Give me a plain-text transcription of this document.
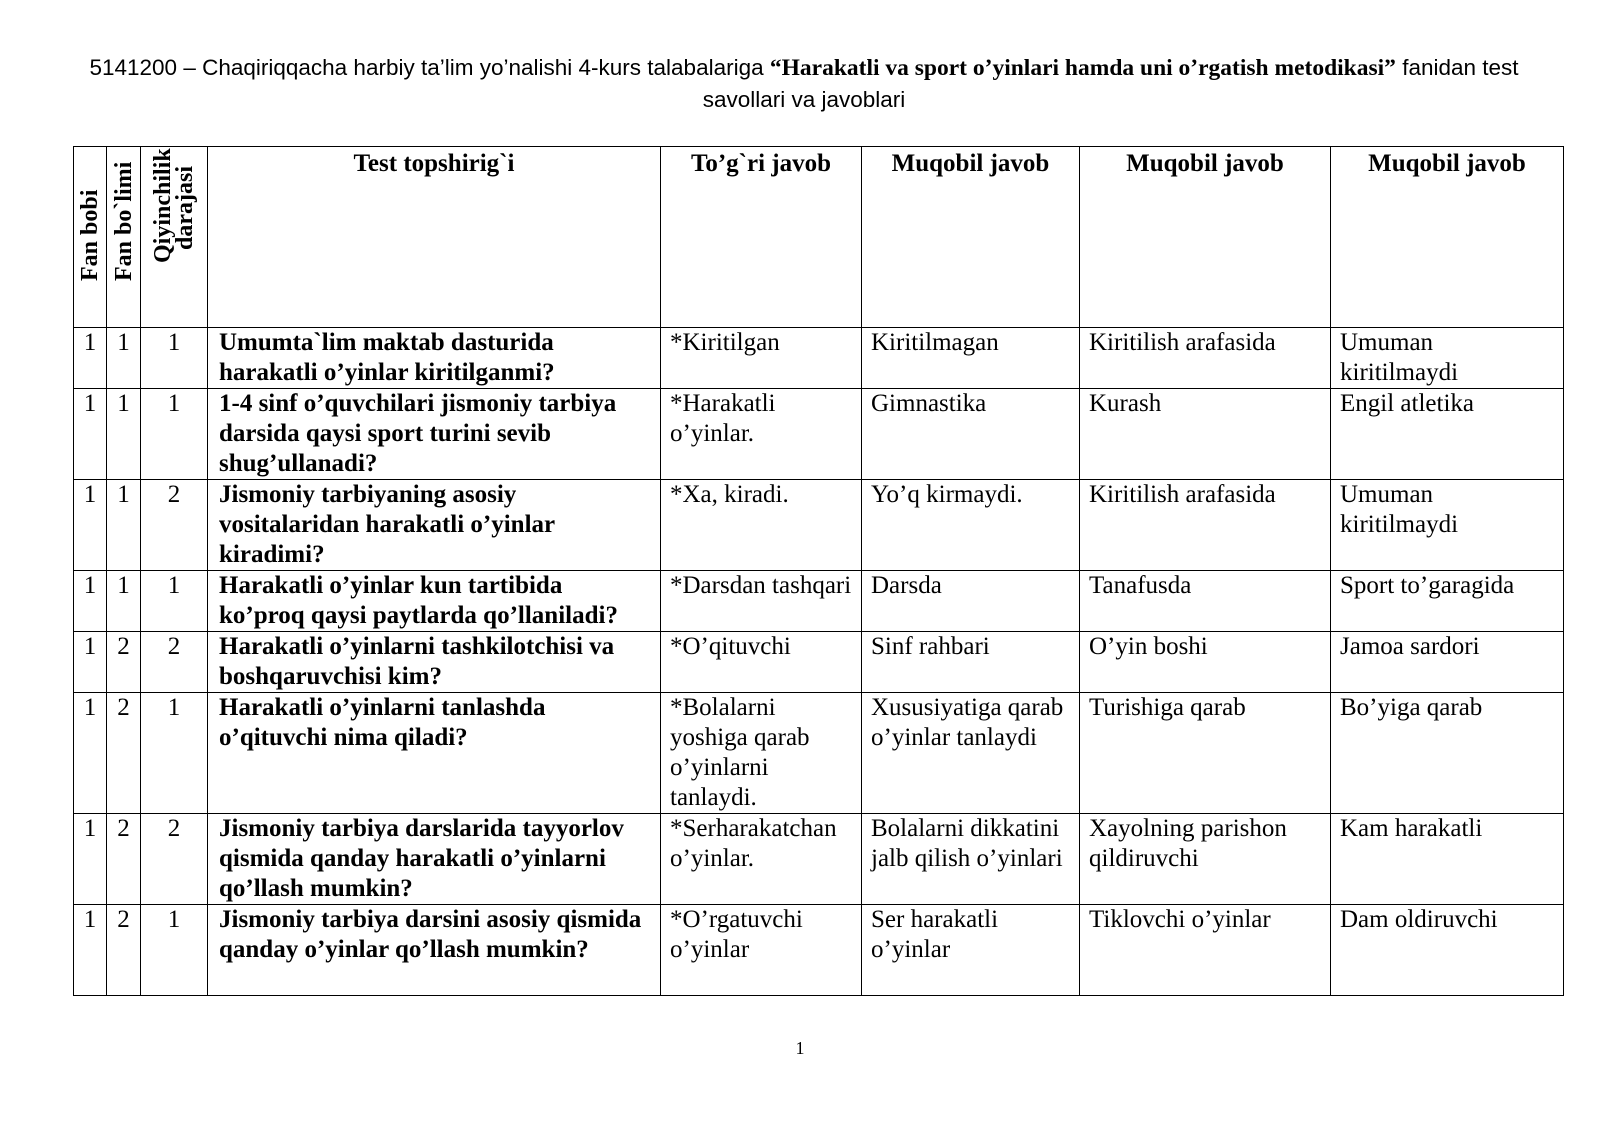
5141200 – Chaqiriqqacha harbiy ta’lim yo’nalishi 4-kurs talabalariga “Harakatli va sport o’yinlari hamda uni o’rgatish metodikasi” fanidan test savollari va javoblari
Fan bobi	Fan bo`limi	Qiyinchilik darajasi	Test topshirig`i	To’g`ri javob	Muqobil javob	Muqobil javob	Muqobil javob
1	1	1	Umumta`lim maktab dasturida harakatli o’yinlar kiritilganmi?	*Kiritilgan	Kiritilmagan	Kiritilish arafasida	Umuman kiritilmaydi
1	1	1	1-4 sinf o’quvchilari jismoniy tarbiya darsida qaysi sport turini sevib shug’ullanadi?	*Harakatli o’yinlar.	Gimnastika	Kurash	Engil atletika
1	1	2	Jismoniy tarbiyaning asosiy vositalaridan harakatli o’yinlar kiradimi?	*Xa, kiradi.	Yo’q kirmaydi.	Kiritilish arafasida	Umuman kiritilmaydi
1	1	1	Harakatli o’yinlar kun tartibida ko’proq qaysi paytlarda qo’llaniladi?	*Darsdan tashqari	Darsda	Tanafusda	Sport to’garagida
1	2	2	Harakatli o’yinlarni tashkilotchisi va boshqaruvchisi kim?	*O’qituvchi	Sinf rahbari	O’yin boshi	Jamoa sardori
1	2	1	Harakatli o’yinlarni tanlashda o’qituvchi nima qiladi?	*Bolalarni yoshiga qarab o’yinlarni tanlaydi.	Xususiyatiga qarab o’yinlar tanlaydi	Turishiga qarab	Bo’yiga qarab
1	2	2	Jismoniy tarbiya darslarida tayyorlov qismida qanday harakatli o’yinlarni qo’llash mumkin?	*Serharakatchan o’yinlar.	Bolalarni dikkatini jalb qilish o’yinlari	Xayolning parishon qildiruvchi	Kam harakatli
1	2	1	Jismoniy tarbiya darsini asosiy qismida qanday o’yinlar qo’llash mumkin?	*O’rgatuvchi o’yinlar	Ser harakatli o’yinlar	Tiklovchi o’yinlar	Dam oldiruvchi
1
